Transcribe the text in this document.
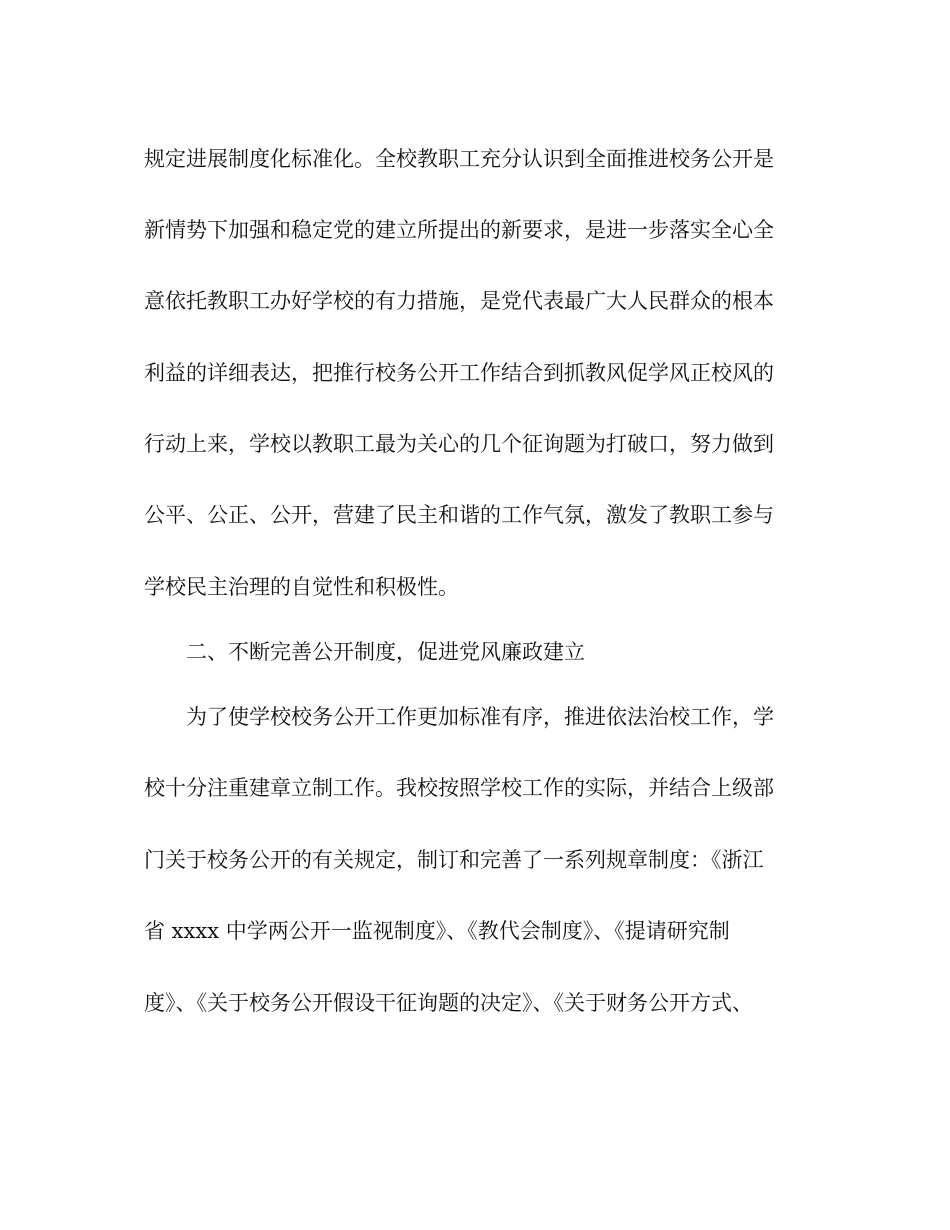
规定进展制度化标准化。全校教职工充分认识到全面推进校务公开是
新情势下加强和稳定党的建立所提出的新要求，是进一步落实全心全
意依托教职工办好学校的有力措施，是党代表最广大人民群众的根本
利益的详细表达，把推行校务公开工作结合到抓教风促学风正校风的
行动上来，学校以教职工最为关心的几个征询题为打破口，努力做到
公平、公正、公开，营建了民主和谐的工作气氛，激发了教职工参与
学校民主治理的自觉性和积极性。
二、不断完善公开制度，促进党风廉政建立
为了使学校校务公开工作更加标准有序，推进依法治校工作，学
校十分注重建章立制工作。我校按照学校工作的实际，并结合上级部
门关于校务公开的有关规定，制订和完善了一系列规章制度：《浙江
省 xxxx 中学两公开一监视制度》、《教代会制度》、《提请研究制
度》、《关于校务公开假设干征询题的决定》、《关于财务公开方式、
